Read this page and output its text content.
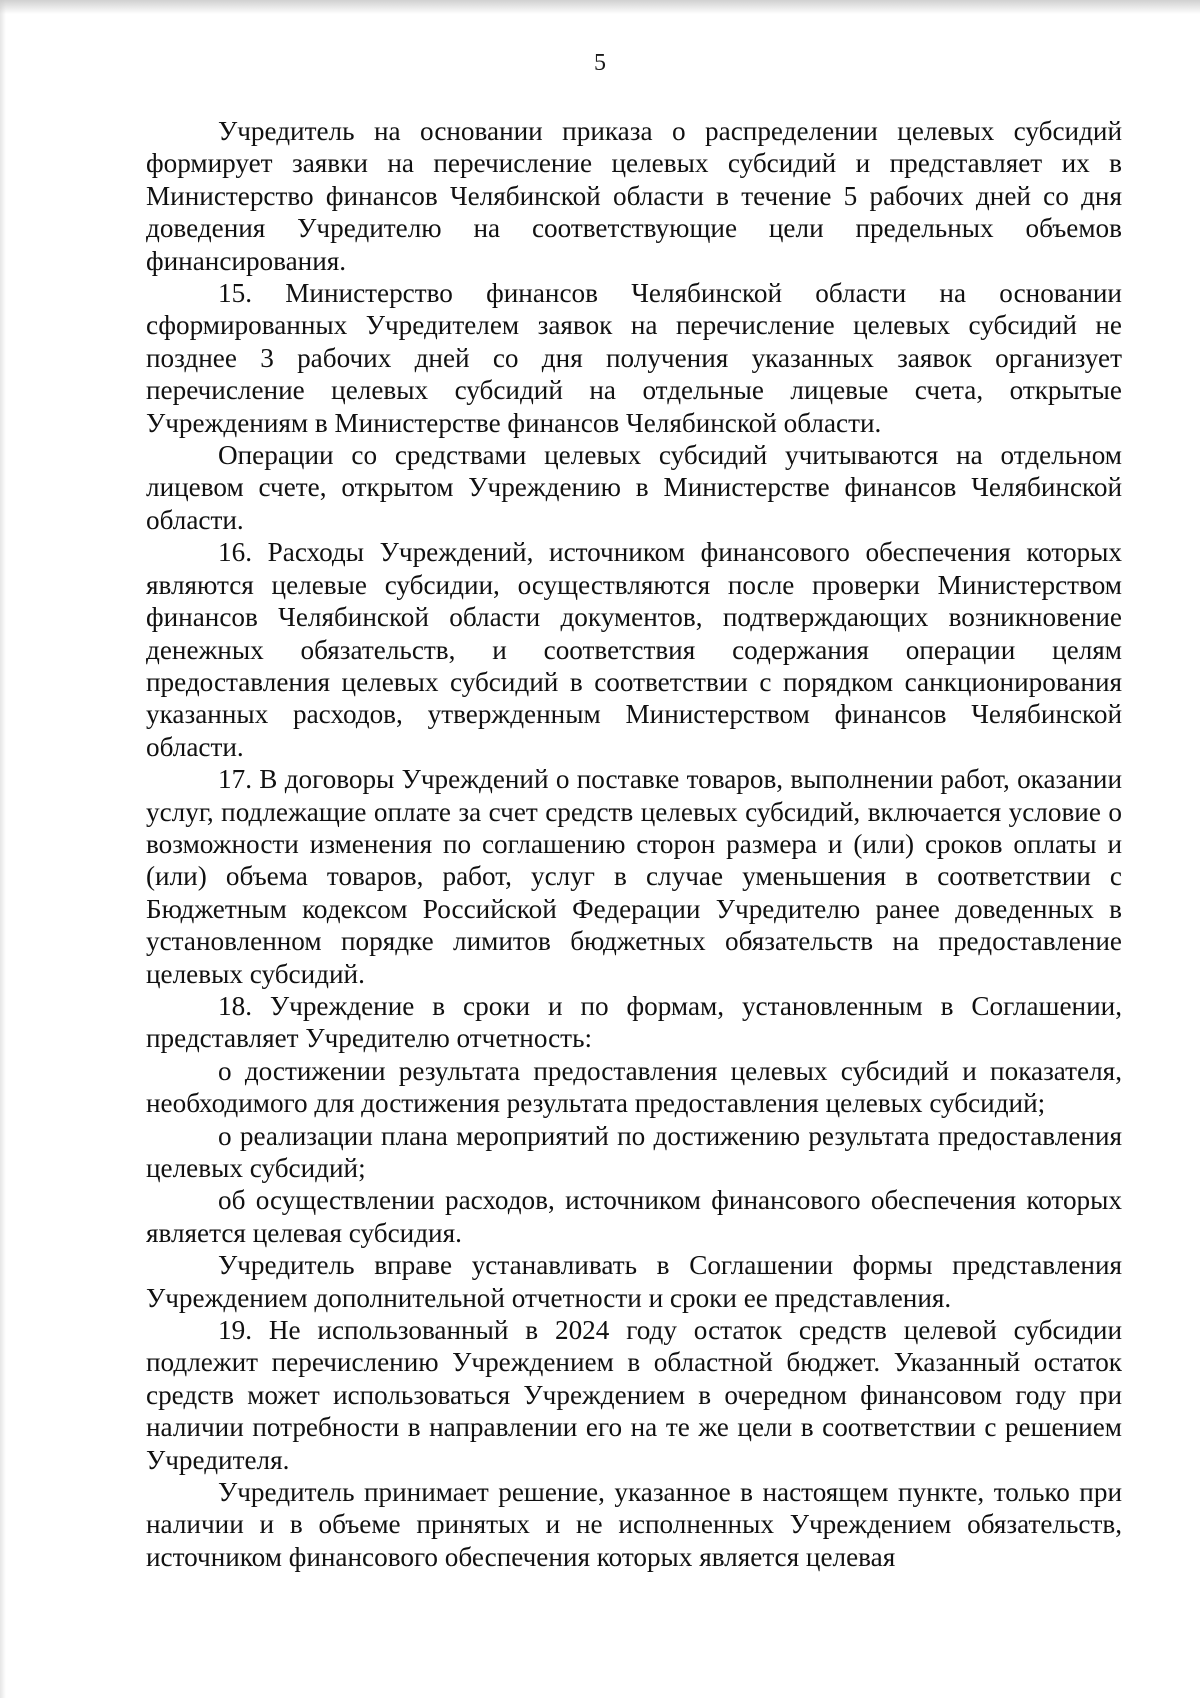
5

Учредитель на основании приказа о распределении целевых субсидий формирует заявки на перечисление целевых субсидий и представляет их в Министерство финансов Челябинской области в течение 5 рабочих дней со дня доведения Учредителю на соответствующие цели предельных объемов финансирования.

15. Министерство финансов Челябинской области на основании сформированных Учредителем заявок на перечисление целевых субсидий не позднее 3 рабочих дней со дня получения указанных заявок организует перечисление целевых субсидий на отдельные лицевые счета, открытые Учреждениям в Министерстве финансов Челябинской области.

Операции со средствами целевых субсидий учитываются на отдельном лицевом счете, открытом Учреждению в Министерстве финансов Челябинской области.

16. Расходы Учреждений, источником финансового обеспечения которых являются целевые субсидии, осуществляются после проверки Министерством финансов Челябинской области документов, подтверждающих возникновение денежных обязательств, и соответствия содержания операции целям предоставления целевых субсидий в соответствии с порядком санкционирования указанных расходов, утвержденным Министерством финансов Челябинской области.

17. В договоры Учреждений о поставке товаров, выполнении работ, оказании услуг, подлежащие оплате за счет средств целевых субсидий, включается условие о возможности изменения по соглашению сторон размера и (или) сроков оплаты и (или) объема товаров, работ, услуг в случае уменьшения в соответствии с Бюджетным кодексом Российской Федерации Учредителю ранее доведенных в установленном порядке лимитов бюджетных обязательств на предоставление целевых субсидий.

18. Учреждение в сроки и по формам, установленным в Соглашении, представляет Учредителю отчетность:

о достижении результата предоставления целевых субсидий и показателя, необходимого для достижения результата предоставления целевых субсидий;

о реализации плана мероприятий по достижению результата предоставления целевых субсидий;

об осуществлении расходов, источником финансового обеспечения которых является целевая субсидия.

Учредитель вправе устанавливать в Соглашении формы представления Учреждением дополнительной отчетности и сроки ее представления.

19. Не использованный в 2024 году остаток средств целевой субсидии подлежит перечислению Учреждением в областной бюджет. Указанный остаток средств может использоваться Учреждением в очередном финансовом году при наличии потребности в направлении его на те же цели в соответствии с решением Учредителя.

Учредитель принимает решение, указанное в настоящем пункте, только при наличии и в объеме принятых и не исполненных Учреждением обязательств, источником финансового обеспечения которых является целевая
